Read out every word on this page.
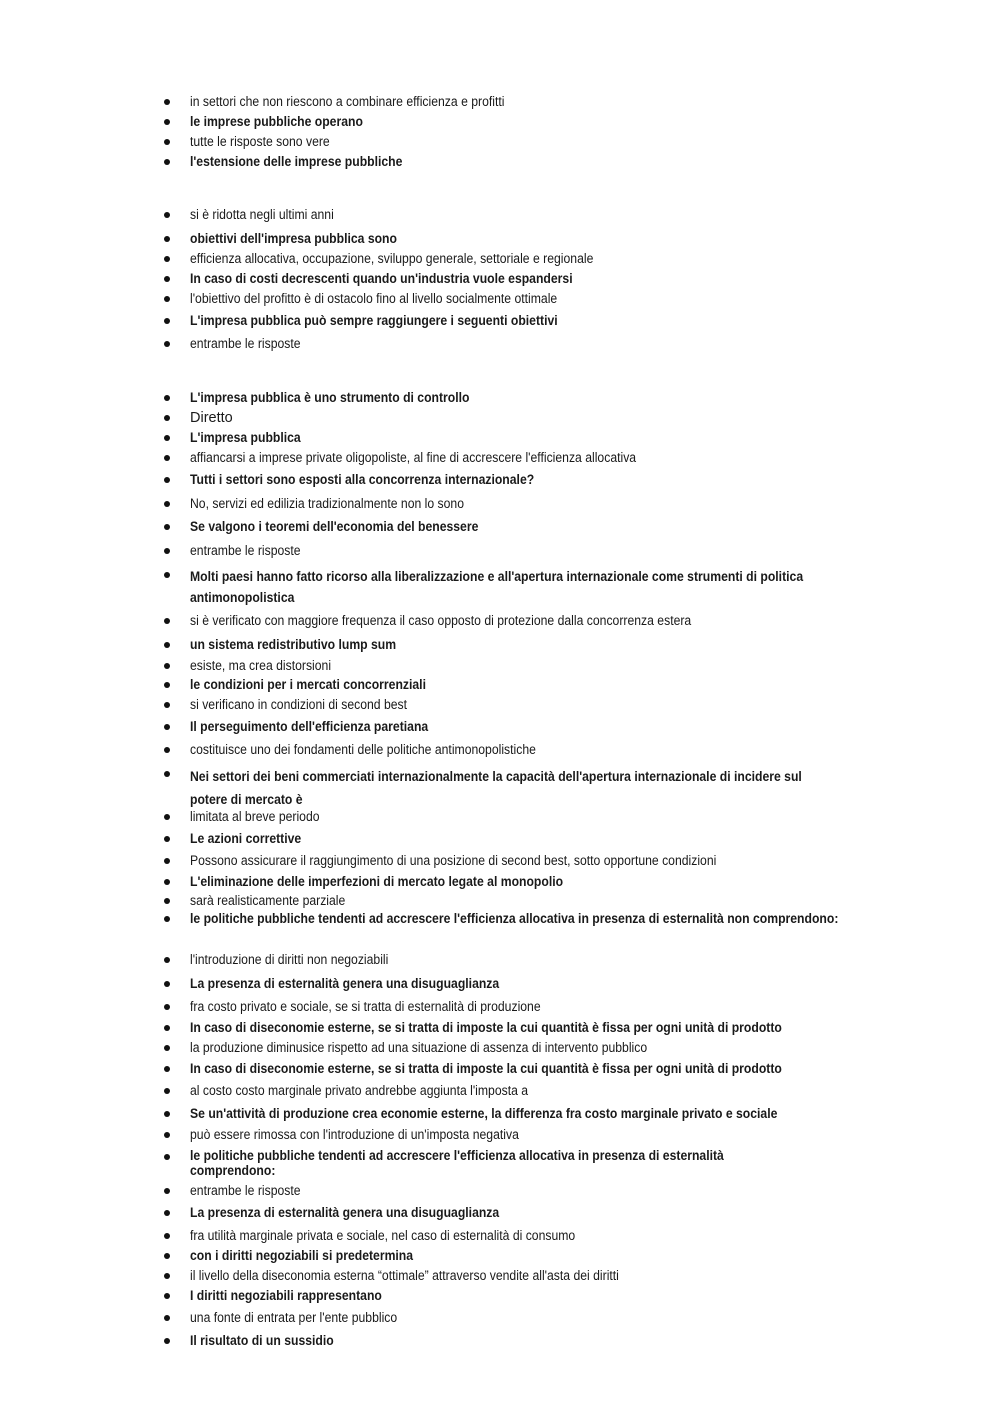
in settori che non riescono a combinare efficienza e profitti
le imprese pubbliche operano
tutte le risposte sono vere
l'estensione delle imprese pubbliche
si è ridotta negli ultimi anni
obiettivi dell'impresa pubblica sono
efficienza allocativa, occupazione, sviluppo generale, settoriale e regionale
In caso di costi decrescenti quando un'industria vuole espandersi
l'obiettivo del profitto è di ostacolo fino al livello socialmente ottimale
L'impresa pubblica può sempre raggiungere i seguenti obiettivi
entrambe le risposte
L'impresa pubblica è uno strumento di controllo
Diretto
L'impresa pubblica
affiancarsi a imprese private oligopoliste, al fine di accrescere l'efficienza allocativa
Tutti i settori sono esposti alla concorrenza internazionale?
No, servizi ed edilizia tradizionalmente non lo sono
Se valgono i teoremi dell'economia del benessere
entrambe le risposte
Molti paesi hanno fatto ricorso alla liberalizzazione e all'apertura internazionale come strumenti di politica antimonopolistica
si è verificato con maggiore frequenza il caso opposto di protezione dalla concorrenza estera
un sistema redistributivo lump sum
esiste, ma crea distorsioni
le condizioni per i mercati concorrenziali
si verificano in condizioni di second best
Il perseguimento dell'efficienza paretiana
costituisce uno dei fondamenti delle politiche antimonopolistiche
Nei settori dei beni commerciati internazionalmente la capacità dell'apertura internazionale di incidere sul potere di mercato è
limitata al breve periodo
Le azioni correttive
Possono assicurare il raggiungimento di una posizione di second best, sotto opportune condizioni
L'eliminazione delle imperfezioni di mercato legate al monopolio
sarà realisticamente parziale
le politiche pubbliche tendenti ad accrescere l'efficienza allocativa in presenza di esternalità non comprendono:
l'introduzione di diritti non negoziabili
La presenza di esternalità genera una disuguaglianza
fra costo privato e sociale, se si tratta di esternalità di produzione
In caso di diseconomie esterne, se si tratta di imposte la cui quantità è fissa per ogni unità di prodotto
la produzione diminusice rispetto ad una situazione di assenza di intervento pubblico
In caso di diseconomie esterne, se si tratta di imposte la cui quantità è fissa per ogni unità di prodotto
al costo costo marginale privato andrebbe aggiunta l'imposta a
Se un'attività di produzione crea economie esterne, la differenza fra costo marginale privato e sociale
può essere rimossa con l'introduzione di un'imposta negativa
le politiche pubbliche tendenti ad accrescere l'efficienza allocativa in presenza di esternalità comprendono:
entrambe le risposte
La presenza di esternalità genera una disuguaglianza
fra utilità marginale privata e sociale, nel caso di esternalità di consumo
con i diritti negoziabili si predetermina
il livello della diseconomia esterna “ottimale” attraverso vendite all'asta dei diritti
I diritti negoziabili rappresentano
una fonte di entrata per l'ente pubblico
Il risultato di un sussidio
